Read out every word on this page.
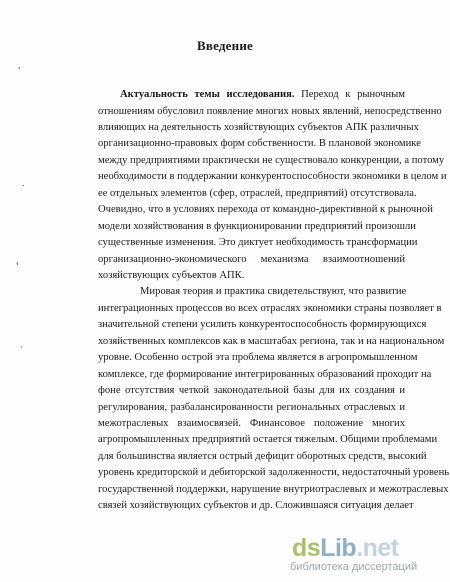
Введение
Актуальность темы исследования. Переход к рыночным
отношениям обусловил появление многих новых явлений, непосредственно
влияющих на деятельность хозяйствующих субъектов АПК различных
организационно-правовых форм собственности. В плановой экономике
между предприятиями практически не существовало конкуренции, а потому
необходимости в поддержании конкурентоспособности экономики в целом и
ее отдельных элементов (сфер, отраслей, предприятий) отсутствовала.
Очевидно, что в условиях перехода от командно-директивной к рыночной
модели хозяйствования в функционировании предприятий произошли
существенные изменения. Это диктует необходимость трансформации
организационно-экономического механизма взаимоотношений
хозяйствующих субъектов АПК.
Мировая теория и практика свидетельствуют, что развитие
интеграционных процессов во всех отраслях экономики страны позволяет в
значительной степени усилить конкурентоспособность формирующихся
хозяйственных комплексов как в масштабах региона, так и на национальном
уровне. Особенно острой эта проблема является в агропромышленном
комплексе, где формирование интегрированных образований проходит на
фоне отсутствия четкой законодательной базы для их создания и
регулирования, разбалансированности региональных отраслевых и
межотраслевых взаимосвязей. Финансовое положение многих
агропромышленных предприятий остается тяжелым. Общими проблемами
для большинства является острый дефицит оборотных средств, высокий
уровень кредиторской и дебиторской задолженности, недостаточный уровень
государственной поддержки, нарушение внутриотраслевых и межотраслевых
связей хозяйствующих субъектов и др. Сложившаяся ситуация делает
,
.
‹
·
dsLib.net
библиотека диссертаций
